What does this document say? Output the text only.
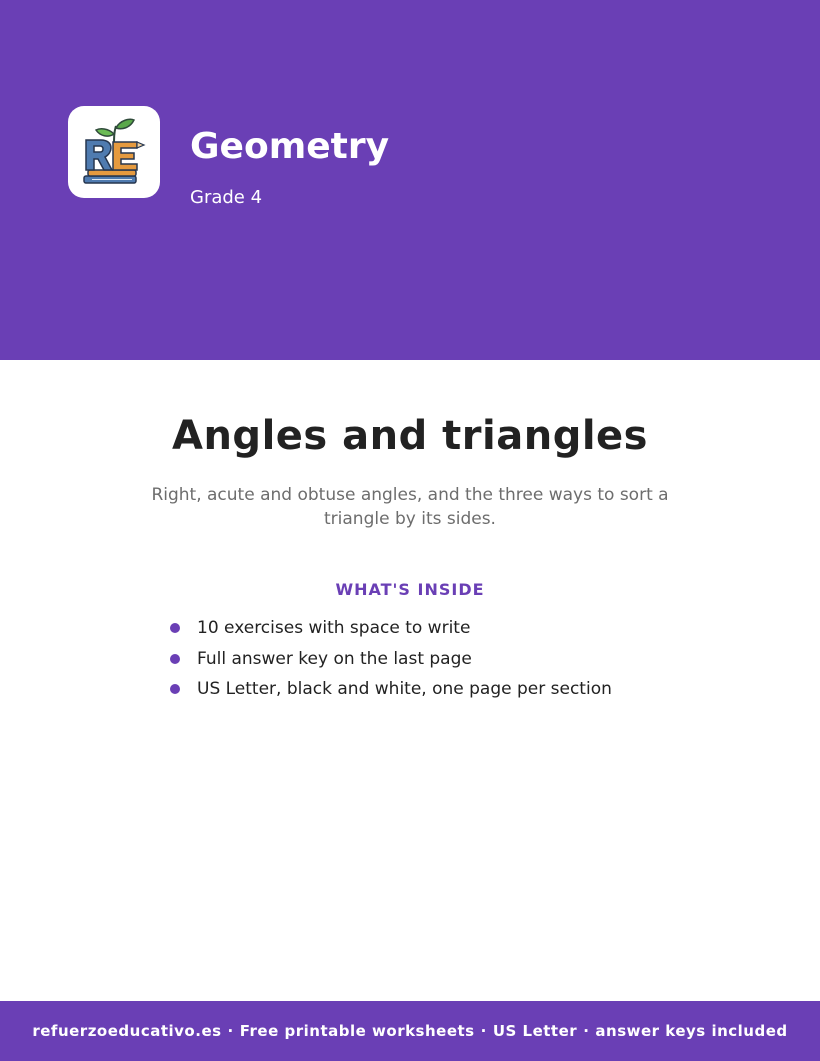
Geometry
Grade 4
Angles and triangles
Right, acute and obtuse angles, and the three ways to sort a triangle by its sides.
WHAT'S INSIDE
10 exercises with space to write
Full answer key on the last page
US Letter, black and white, one page per section
refuerzoeducativo.es · Free printable worksheets · US Letter · answer keys included
